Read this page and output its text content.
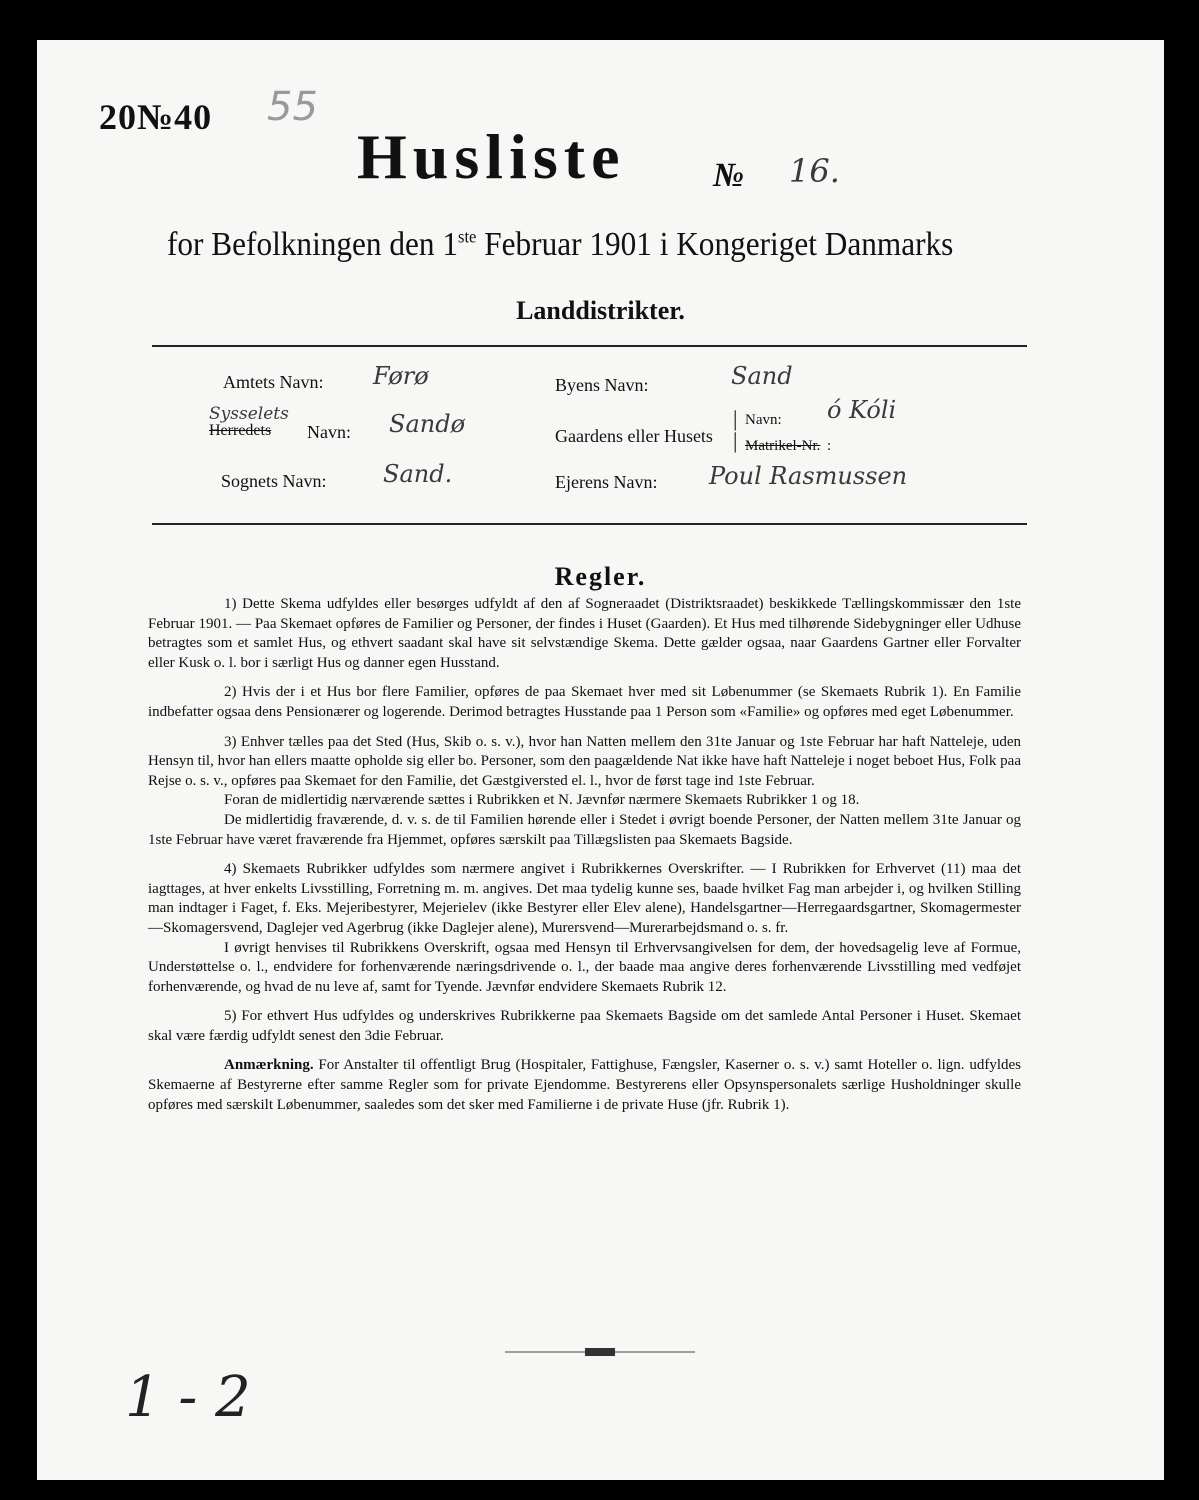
20№40 55
Husliste	№ 16.
for Befolkningen den 1ste Februar 1901 i Kongeriget Danmarks
Landdistrikter.
Amtets Navn: Førø
Sysselets
Herredets Navn: Sandø
Sognets Navn: Sand.
Byens Navn:	Sand
Gaardens eller Husets
|
|
Navn: ó Kóli
Matrikel-Nr. :
Ejerens Navn: Poul Rasmussen
Regler.

1) Dette Skema udfyldes eller besørges udfyldt af den af Sogneraadet (Distriktsraadet) beskikkede Tællingskommissær den 1ste Februar 1901. — Paa Skemaet opføres de Familier og Personer, der findes i Huset (Gaarden). Et Hus med tilhørende Sidebygninger eller Udhuse betragtes som et samlet Hus, og ethvert saadant skal have sit selvstændige Skema. Dette gælder ogsaa, naar Gaardens Gartner eller Forvalter eller Kusk o. l. bor i særligt Hus og danner egen Husstand.

2) Hvis der i et Hus bor flere Familier, opføres de paa Skemaet hver med sit Løbenummer (se Skemaets Rubrik 1). En Familie indbefatter ogsaa dens Pensionærer og logerende. Derimod betragtes Husstande paa 1 Person som «Familie» og opføres med eget Løbenummer.

3) Enhver tælles paa det Sted (Hus, Skib o. s. v.), hvor han Natten mellem den 31te Januar og 1ste Februar har haft Natteleje, uden Hensyn til, hvor han ellers maatte opholde sig eller bo. Personer, som den paagældende Nat ikke have haft Natteleje i noget beboet Hus, Folk paa Rejse o. s. v., opføres paa Skemaet for den Familie, det Gæstgiversted el. l., hvor de først tage ind 1ste Februar.

Foran de midlertidig nærværende sættes i Rubrikken et N. Jævnfør nærmere Skemaets Rubrikker 1 og 18.

De midlertidig fraværende, d. v. s. de til Familien hørende eller i Stedet i øvrigt boende Personer, der Natten mellem 31te Januar og 1ste Februar have været fraværende fra Hjemmet, opføres særskilt paa Tillægslisten paa Skemaets Bagside.

4) Skemaets Rubrikker udfyldes som nærmere angivet i Rubrikkernes Overskrifter. — I Rubrikken for Erhvervet (11) maa det iagttages, at hver enkelts Livsstilling, Forretning m. m. angives. Det maa tydelig kunne ses, baade hvilket Fag man arbejder i, og hvilken Stilling man indtager i Faget, f. Eks. Mejeribestyrer, Mejerielev (ikke Bestyrer eller Elev alene), Handelsgartner—Herregaardsgartner, Skomagermester—Skomagersvend, Daglejer ved Agerbrug (ikke Daglejer alene), Murersvend—Murerarbejdsmand o. s. fr.

I øvrigt henvises til Rubrikkens Overskrift, ogsaa med Hensyn til Erhvervsangivelsen for dem, der hovedsagelig leve af Formue, Understøttelse o. l., endvidere for forhenværende næringsdrivende o. l., der baade maa angive deres forhenværende Livsstilling med vedføjet forhenværende, og hvad de nu leve af, samt for Tyende. Jævnfør endvidere Skemaets Rubrik 12.

5) For ethvert Hus udfyldes og underskrives Rubrikkerne paa Skemaets Bagside om det samlede Antal Personer i Huset. Skemaet skal være færdig udfyldt senest den 3die Februar.

Anmærkning. For Anstalter til offentligt Brug (Hospitaler, Fattighuse, Fængsler, Kaserner o. s. v.) samt Hoteller o. lign. udfyldes Skemaerne af Bestyrerne efter samme Regler som for private Ejendomme. Bestyrerens eller Opsynspersonalets særlige Husholdninger skulle opføres med særskilt Løbenummer, saaledes som det sker med Familierne i de private Huse (jfr. Rubrik 1).

1 - 2
